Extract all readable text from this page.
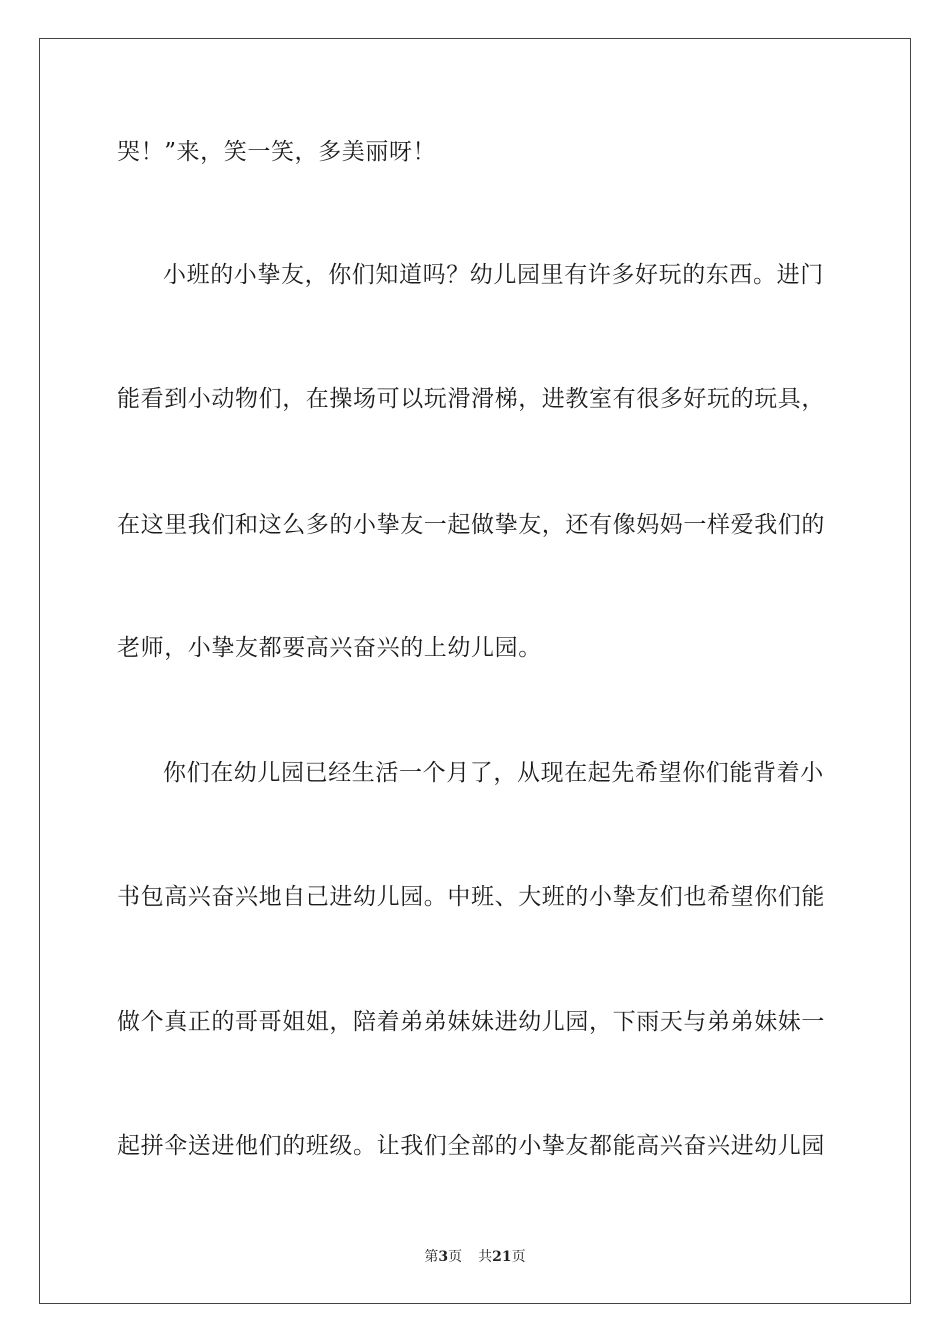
哭！”来，笑一笑，多美丽呀！
小班的小挚友，你们知道吗？幼儿园里有许多好玩的东西。进门
能看到小动物们，在操场可以玩滑滑梯，进教室有很多好玩的玩具，
在这里我们和这么多的小挚友一起做挚友，还有像妈妈一样爱我们的
老师，小挚友都要高兴奋兴的上幼儿园。
你们在幼儿园已经生活一个月了，从现在起先希望你们能背着小
书包高兴奋兴地自己进幼儿园。中班、大班的小挚友们也希望你们能
做个真正的哥哥姐姐，陪着弟弟妹妹进幼儿园，下雨天与弟弟妹妹一
起拼伞送进他们的班级。让我们全部的小挚友都能高兴奋兴进幼儿园
第3页 共21页
